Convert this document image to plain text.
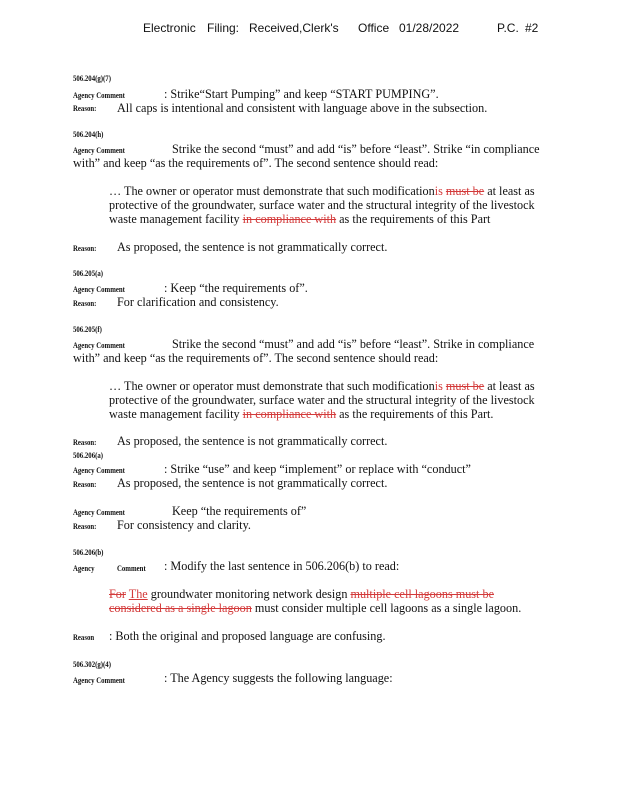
Electronic Filing: Received,Clerk's Office 01/28/2022	P.C. #2
506.204(g)(7)
Agency Comment	: Strike“Start Pumping” and keep “START PUMPING”.
Reason: All caps is intentional and consistent with language above in the subsection.
506.204(h)
Agency Comment	Strike the second “must” and add “is” before “least”. Strike “in compliance
with” and keep “as the requirements of”. The second sentence should read:
… The owner or operator must demonstrate that such modificationis must be at least as
protective of the groundwater, surface water and the structural integrity of the livestock
waste management facility in compliance with as the requirements of this Part
Reason: As proposed, the sentence is not grammatically correct.
506.205(a)
Agency Comment	: Keep “the requirements of”.
Reason: For clarification and consistency.
506.205(f)
Agency Comment	Strike the second “must” and add “is” before “least”. Strike in compliance
with” and keep “as the requirements of”. The second sentence should read:
… The owner or operator must demonstrate that such modificationis must be at least as
protective of the groundwater, surface water and the structural integrity of the livestock
waste management facility in compliance with as the requirements of this Part.
Reason: As proposed, the sentence is not grammatically correct.
506.206(a)
Agency Comment	: Strike “use” and keep “implement” or replace with “conduct”
Reason: As proposed, the sentence is not grammatically correct.
Agency Comment	Keep “the requirements of”
Reason: For consistency and clarity.
506.206(b)
Agency	Comment : Modify the last sentence in 506.206(b) to read:
For The groundwater monitoring network design multiple cell lagoons must be
considered as a single lagoon must consider multiple cell lagoons as a single lagoon.
Reason : Both the original and proposed language are confusing.
506.302(g)(4)
Agency Comment	: The Agency suggests the following language:
